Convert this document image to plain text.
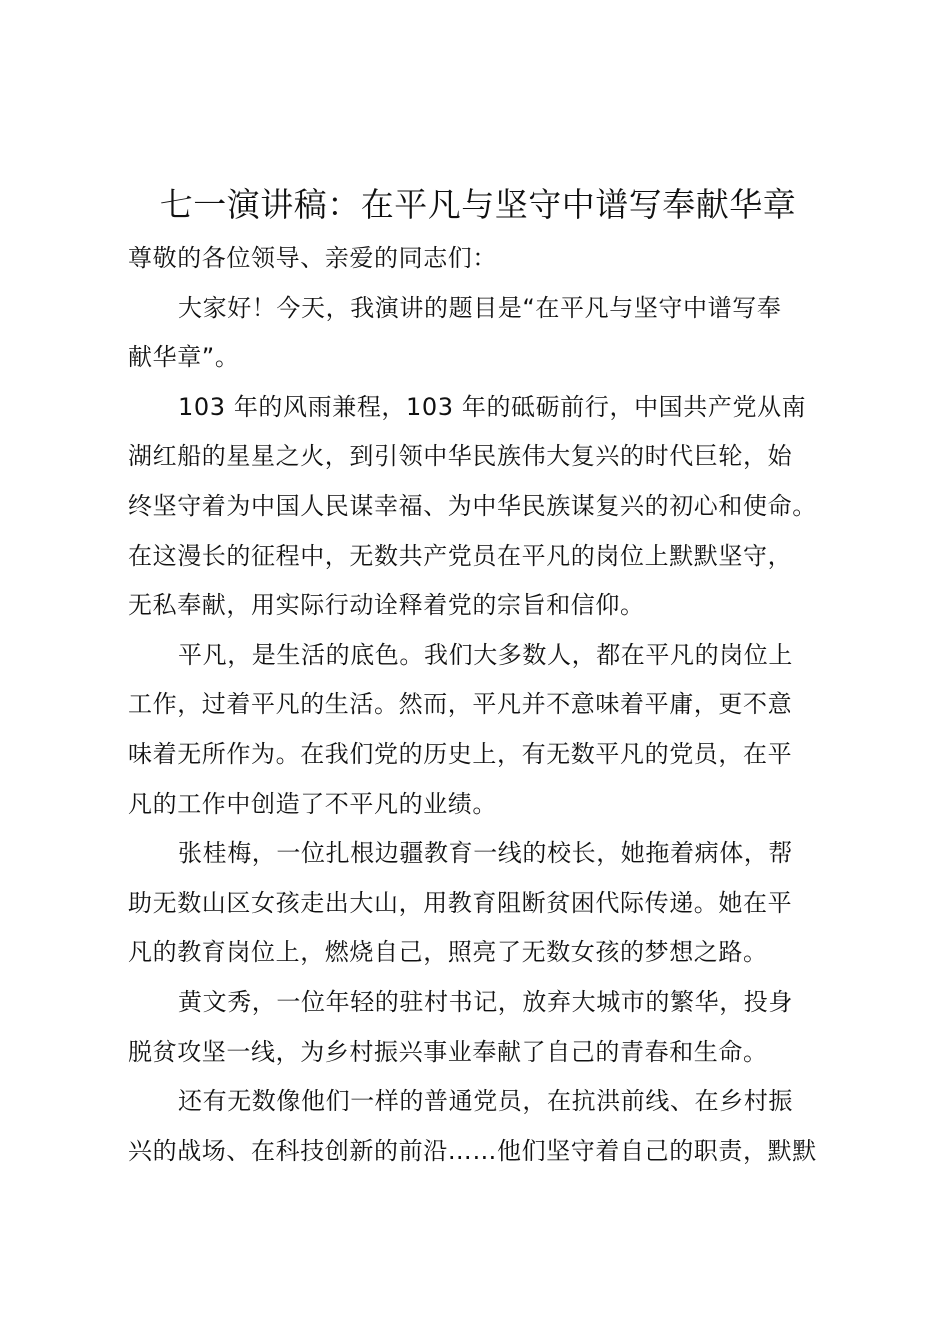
七一演讲稿：在平凡与坚守中谱写奉献华章
尊敬的各位领导、亲爱的同志们：
大家好！今天，我演讲的题目是“在平凡与坚守中谱写奉
献华章”。
103 年的风雨兼程，103 年的砥砺前行，中国共产党从南
湖红船的星星之火，到引领中华民族伟大复兴的时代巨轮，始
终坚守着为中国人民谋幸福、为中华民族谋复兴的初心和使命。
在这漫长的征程中，无数共产党员在平凡的岗位上默默坚守，
无私奉献，用实际行动诠释着党的宗旨和信仰。
平凡，是生活的底色。我们大多数人，都在平凡的岗位上
工作，过着平凡的生活。然而，平凡并不意味着平庸，更不意
味着无所作为。在我们党的历史上，有无数平凡的党员，在平
凡的工作中创造了不平凡的业绩。
张桂梅，一位扎根边疆教育一线的校长，她拖着病体，帮
助无数山区女孩走出大山，用教育阻断贫困代际传递。她在平
凡的教育岗位上，燃烧自己，照亮了无数女孩的梦想之路。
黄文秀，一位年轻的驻村书记，放弃大城市的繁华，投身
脱贫攻坚一线，为乡村振兴事业奉献了自己的青春和生命。
还有无数像他们一样的普通党员，在抗洪前线、在乡村振
兴的战场、在科技创新的前沿……他们坚守着自己的职责，默默
